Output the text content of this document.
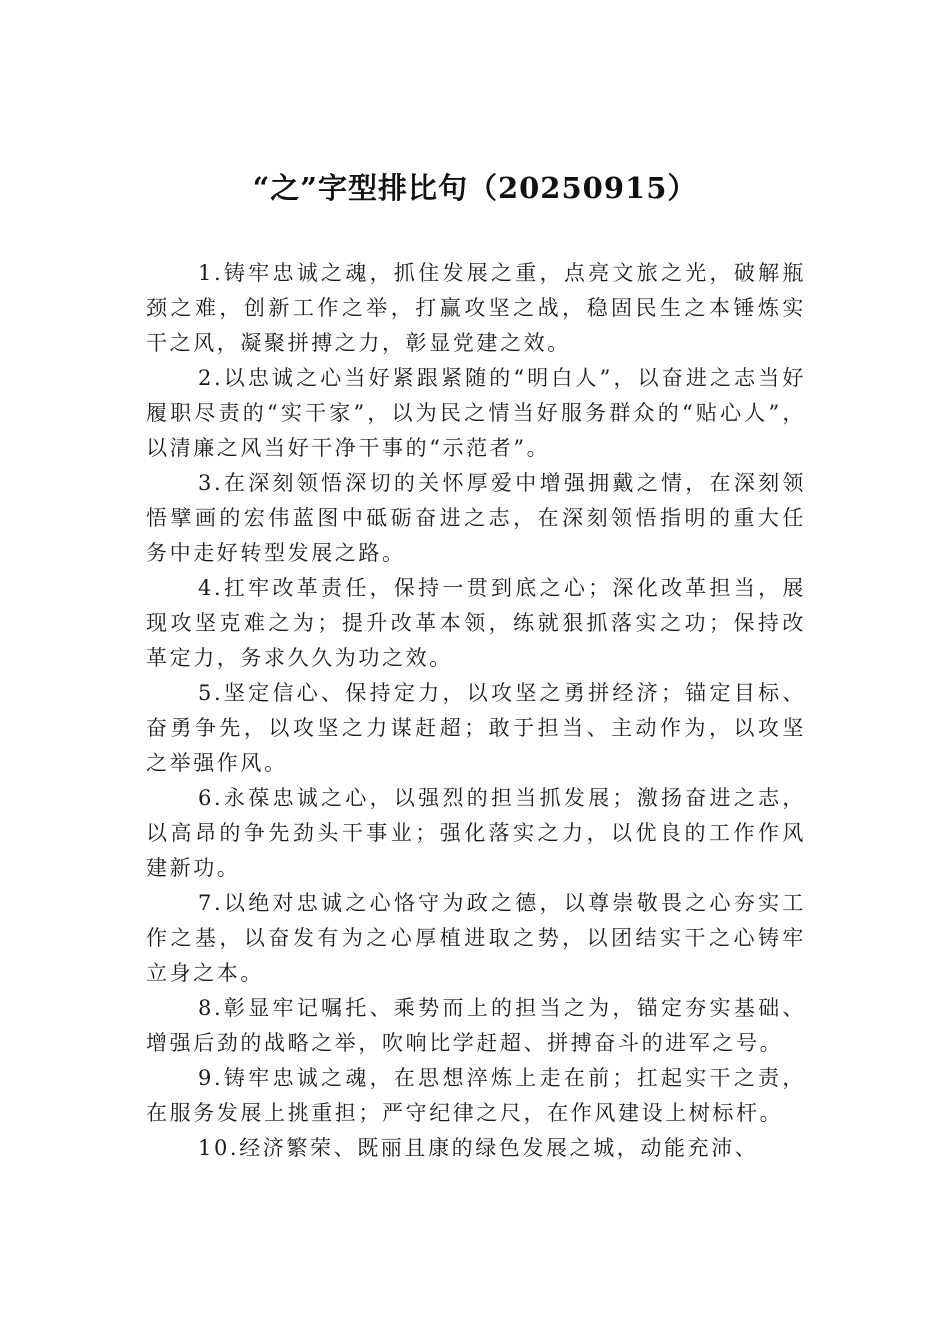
“之”字型排比句（20250915）

1.铸牢忠诚之魂，抓住发展之重，点亮文旅之光，破解瓶颈之难，创新工作之举，打赢攻坚之战，稳固民生之本锤炼实干之风，凝聚拼搏之力，彰显党建之效。

2.以忠诚之心当好紧跟紧随的“明白人”，以奋进之志当好履职尽责的“实干家”，以为民之情当好服务群众的“贴心人”，以清廉之风当好干净干事的“示范者”。

3.在深刻领悟深切的关怀厚爱中增强拥戴之情，在深刻领悟擘画的宏伟蓝图中砥砺奋进之志，在深刻领悟指明的重大任务中走好转型发展之路。

4.扛牢改革责任，保持一贯到底之心；深化改革担当，展现攻坚克难之为；提升改革本领，练就狠抓落实之功；保持改革定力，务求久久为功之效。

5.坚定信心、保持定力，以攻坚之勇拼经济；锚定目标、奋勇争先，以攻坚之力谋赶超；敢于担当、主动作为，以攻坚之举强作风。

6.永葆忠诚之心，以强烈的担当抓发展；激扬奋进之志，以高昂的争先劲头干事业；强化落实之力，以优良的工作作风建新功。

7.以绝对忠诚之心恪守为政之德，以尊崇敬畏之心夯实工作之基，以奋发有为之心厚植进取之势，以团结实干之心铸牢立身之本。

8.彰显牢记嘱托、乘势而上的担当之为，锚定夯实基础、增强后劲的战略之举，吹响比学赶超、拼搏奋斗的进军之号。

9.铸牢忠诚之魂，在思想淬炼上走在前；扛起实干之责，在服务发展上挑重担；严守纪律之尺，在作风建设上树标杆。

10.经济繁荣、既丽且康的绿色发展之城，动能充沛、
